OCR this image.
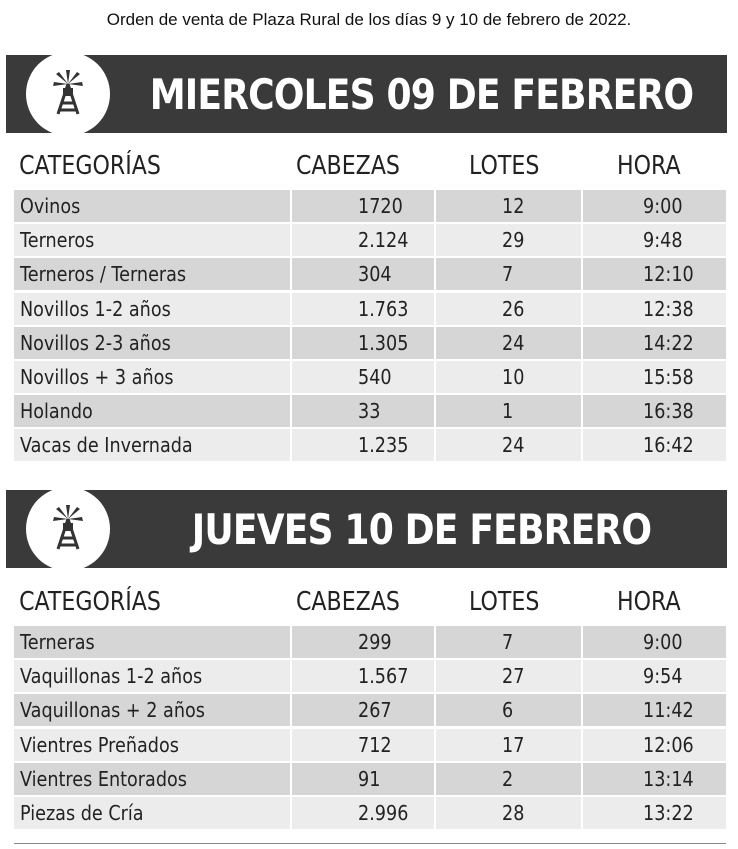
Orden de venta de Plaza Rural de los días 9 y 10 de febrero de 2022.
MIERCOLES 09 DE FEBRERO
CATEGORÍAS	CABEZAS	LOTES	HORA
Ovinos	1720	12	9:00
Terneros	2.124	29	9:48
Terneros / Terneras	304	7	12:10
Novillos 1-2 años	1.763	26	12:38
Novillos 2-3 años	1.305	24	14:22
Novillos + 3 años	540	10	15:58
Holando	33	1	16:38
Vacas de Invernada	1.235	24	16:42
JUEVES 10 DE FEBRERO
CATEGORÍAS	CABEZAS	LOTES	HORA
Terneras	299	7	9:00
Vaquillonas 1-2 años	1.567	27	9:54
Vaquillonas + 2 años	267	6	11:42
Vientres Preñados	712	17	12:06
Vientres Entorados	91	2	13:14
Piezas de Cría	2.996	28	13:22
